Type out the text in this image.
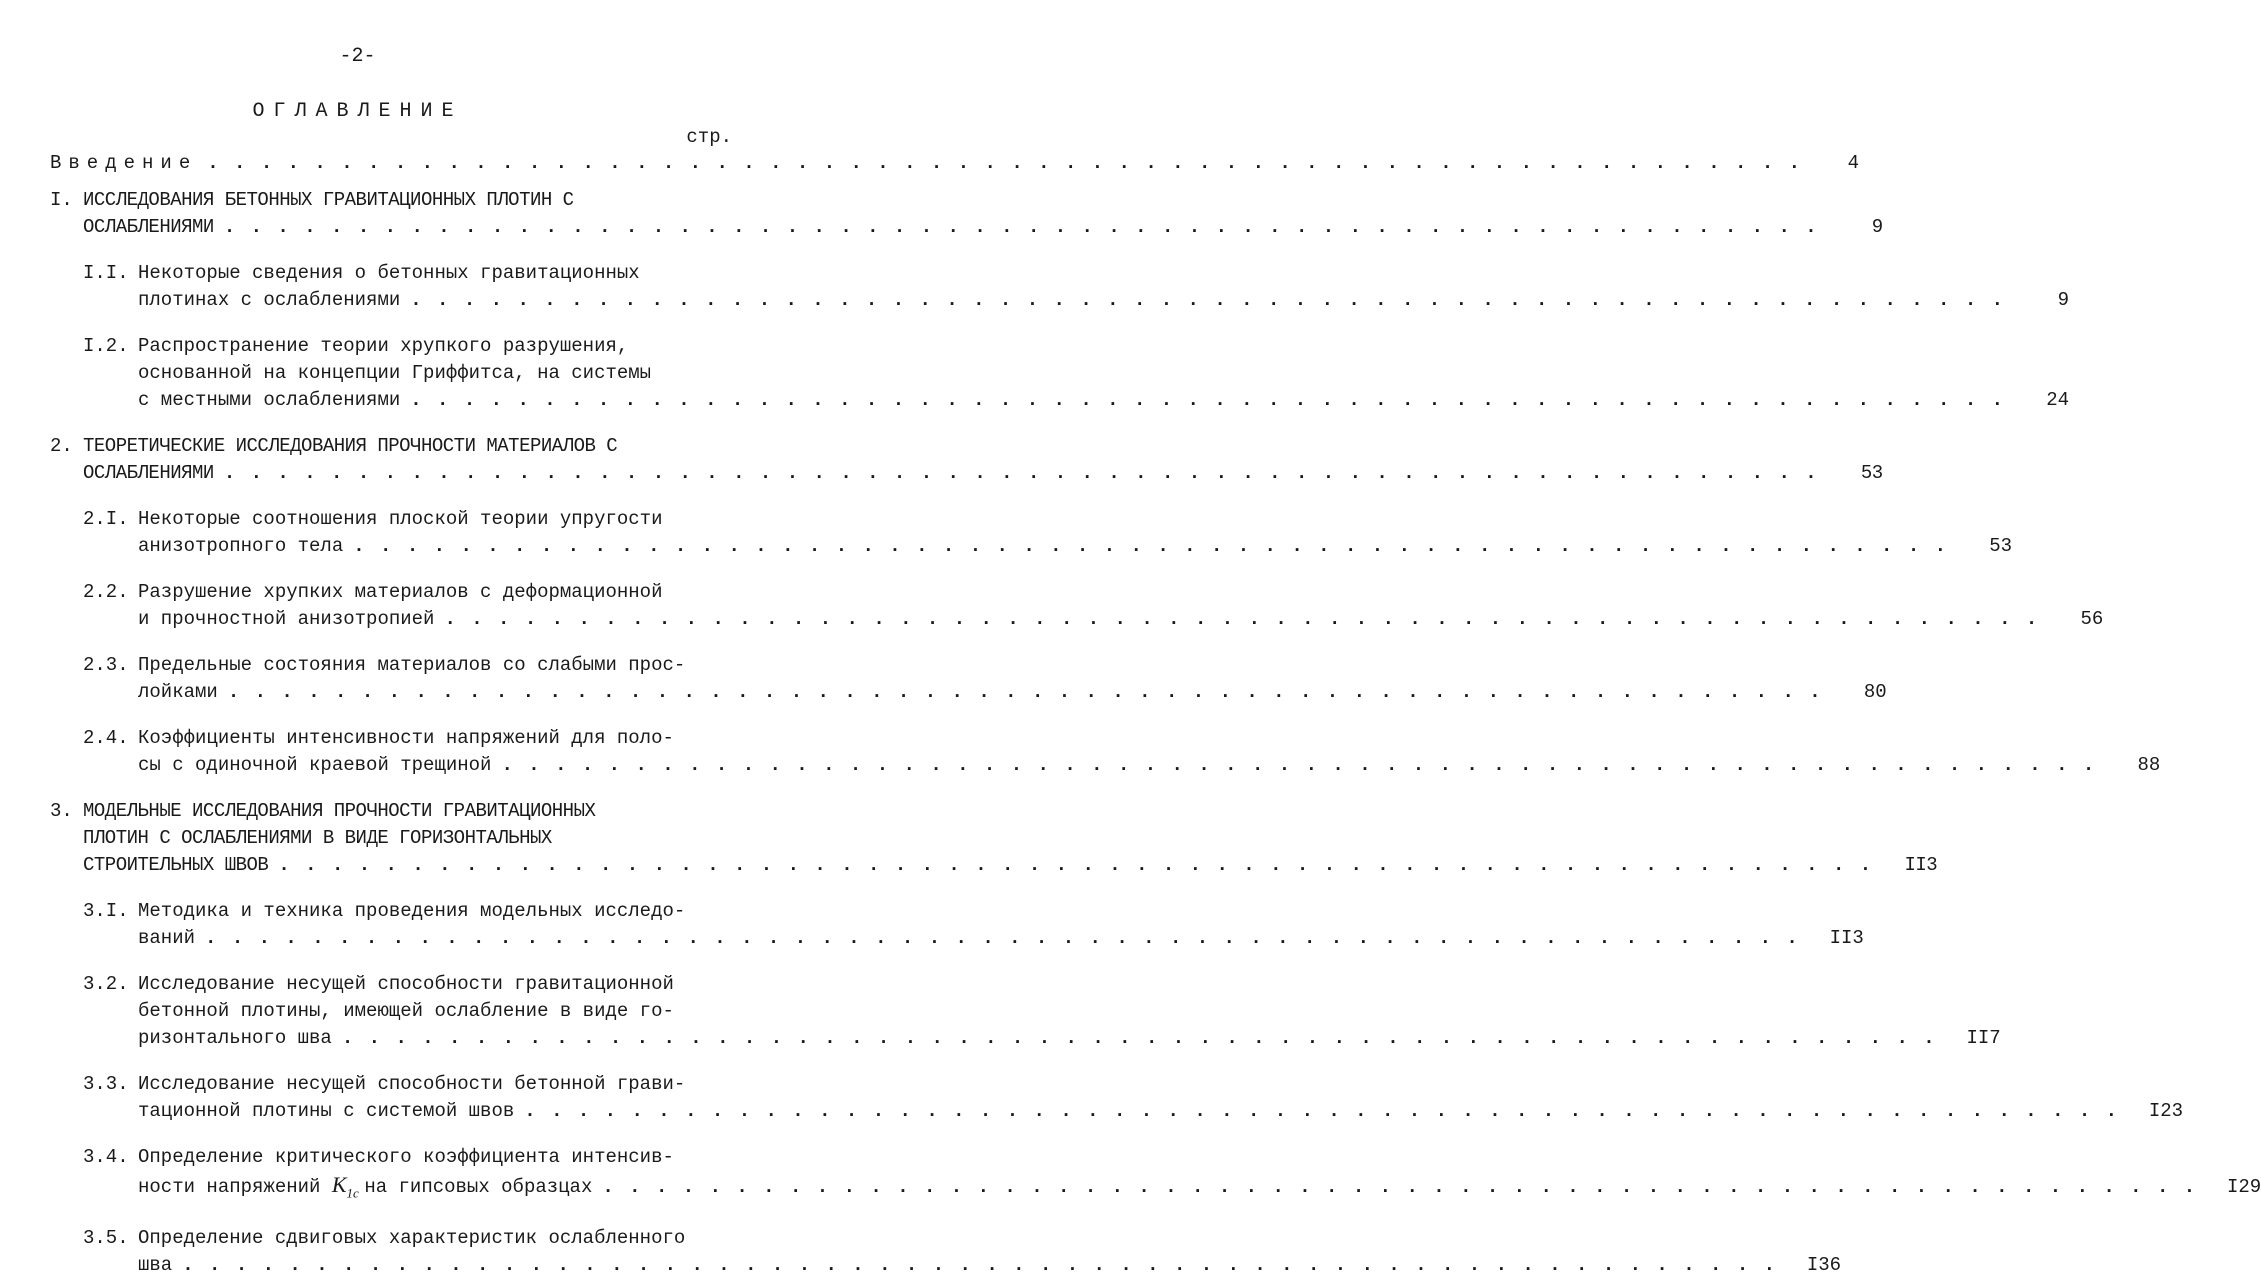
-2-
ОГЛАВЛЕНИЕ
стр.
Введение . . . . . . . . . . . . . . . . . . . . . . . . . . . . . . . . . . . . . . . . . . . . . . . . . . . . . . . . . . . .	4
I. ИССЛЕДОВАНИЯ БЕТОННЫХ ГРАВИТАЦИОННЫХ ПЛОТИН С
ОСЛАБЛЕНИЯМИ . . . . . . . . . . . . . . . . . . . . . . . . . . . . . . . . . . . . . . . . . . . . . . . . . . . . . . . . . . . .	9
I.I. Некоторые сведения о бетонных гравитационных
плотинах с ослаблениями . . . . . . . . . . . . . . . . . . . . . . . . . . . . . . . . . . . . . . . . . . . . . . . . . . . . . . . . . . . .	9
I.2. Распространение теории хрупкого разрушения,
основанной на концепции Гриффитса, на системы
с местными ослаблениями . . . . . . . . . . . . . . . . . . . . . . . . . . . . . . . . . . . . . . . . . . . . . . . . . . . . . . . . . . . .	24
2. ТЕОРЕТИЧЕСКИЕ ИССЛЕДОВАНИЯ ПРОЧНОСТИ МАТЕРИАЛОВ С
ОСЛАБЛЕНИЯМИ . . . . . . . . . . . . . . . . . . . . . . . . . . . . . . . . . . . . . . . . . . . . . . . . . . . . . . . . . . . .	53
2.I. Некоторые соотношения плоской теории упругости
анизотропного тела . . . . . . . . . . . . . . . . . . . . . . . . . . . . . . . . . . . . . . . . . . . . . . . . . . . . . . . . . . . .	53
2.2. Разрушение хрупких материалов с деформационной
и прочностной анизотропией . . . . . . . . . . . . . . . . . . . . . . . . . . . . . . . . . . . . . . . . . . . . . . . . . . . . . . . . . . . .	56
2.3. Предельные состояния материалов со слабыми прос-
лойками . . . . . . . . . . . . . . . . . . . . . . . . . . . . . . . . . . . . . . . . . . . . . . . . . . . . . . . . . . . .	80
2.4. Коэффициенты интенсивности напряжений для поло-
сы с одиночной краевой трещиной . . . . . . . . . . . . . . . . . . . . . . . . . . . . . . . . . . . . . . . . . . . . . . . . . . . . . . . . . . . .	88
3. МОДЕЛЬНЫЕ ИССЛЕДОВАНИЯ ПРОЧНОСТИ ГРАВИТАЦИОННЫХ
ПЛОТИН С ОСЛАБЛЕНИЯМИ В ВИДЕ ГОРИЗОНТАЛЬНЫХ
СТРОИТЕЛЬНЫХ ШВОВ . . . . . . . . . . . . . . . . . . . . . . . . . . . . . . . . . . . . . . . . . . . . . . . . . . . . . . . . . . . .	II3
3.I. Методика и техника проведения модельных исследо-
ваний . . . . . . . . . . . . . . . . . . . . . . . . . . . . . . . . . . . . . . . . . . . . . . . . . . . . . . . . . . . .	II3
3.2. Исследование несущей способности гравитационной
бетонной плотины, имеющей ослабление в виде го-
ризонтального шва . . . . . . . . . . . . . . . . . . . . . . . . . . . . . . . . . . . . . . . . . . . . . . . . . . . . . . . . . . . .	II7
3.3. Исследование несущей способности бетонной грави-
тационной плотины с системой швов . . . . . . . . . . . . . . . . . . . . . . . . . . . . . . . . . . . . . . . . . . . . . . . . . . . . . . . . . . . .	I23
3.4. Определение критического коэффициента интенсив-
ности напряжений $K_{1c}$ на гипсовых образцах . . . . . . . . . . . . . . . . . . . . . . . . . . . . . . . . . . . . . . . . . . . . . . . . . . . . . . . . . . . .	I29
3.5. Определение сдвиговых характеристик ослабленного
шва . . . . . . . . . . . . . . . . . . . . . . . . . . . . . . . . . . . . . . . . . . . . . . . . . . . . . . . . . . . .	I36
